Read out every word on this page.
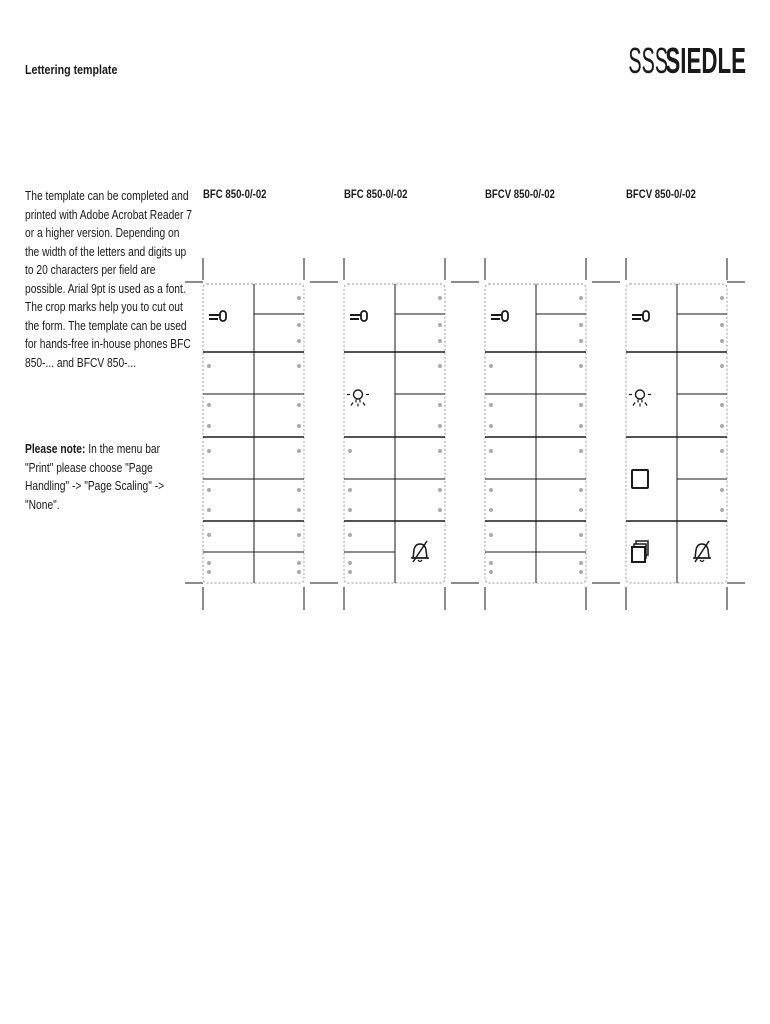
Lettering template	SSS
SIEDLE
The template can be completed and printed with Adobe Acrobat Reader 7 or a higher version. Depending on the width of the letters and digits up to 20 characters per field are possible. Arial 9pt is used as a font. The crop marks help you to cut out the form. The template can be used for hands-free in-house phones BFC 850-... and BFCV 850-...
Please note: In the menu bar "Print" please choose "Page Handling" -> "Page Scaling" -> "None".
BFC 850-0/-02	BFC 850-0/-02	BFCV 850-0/-02	BFCV 850-0/-02
